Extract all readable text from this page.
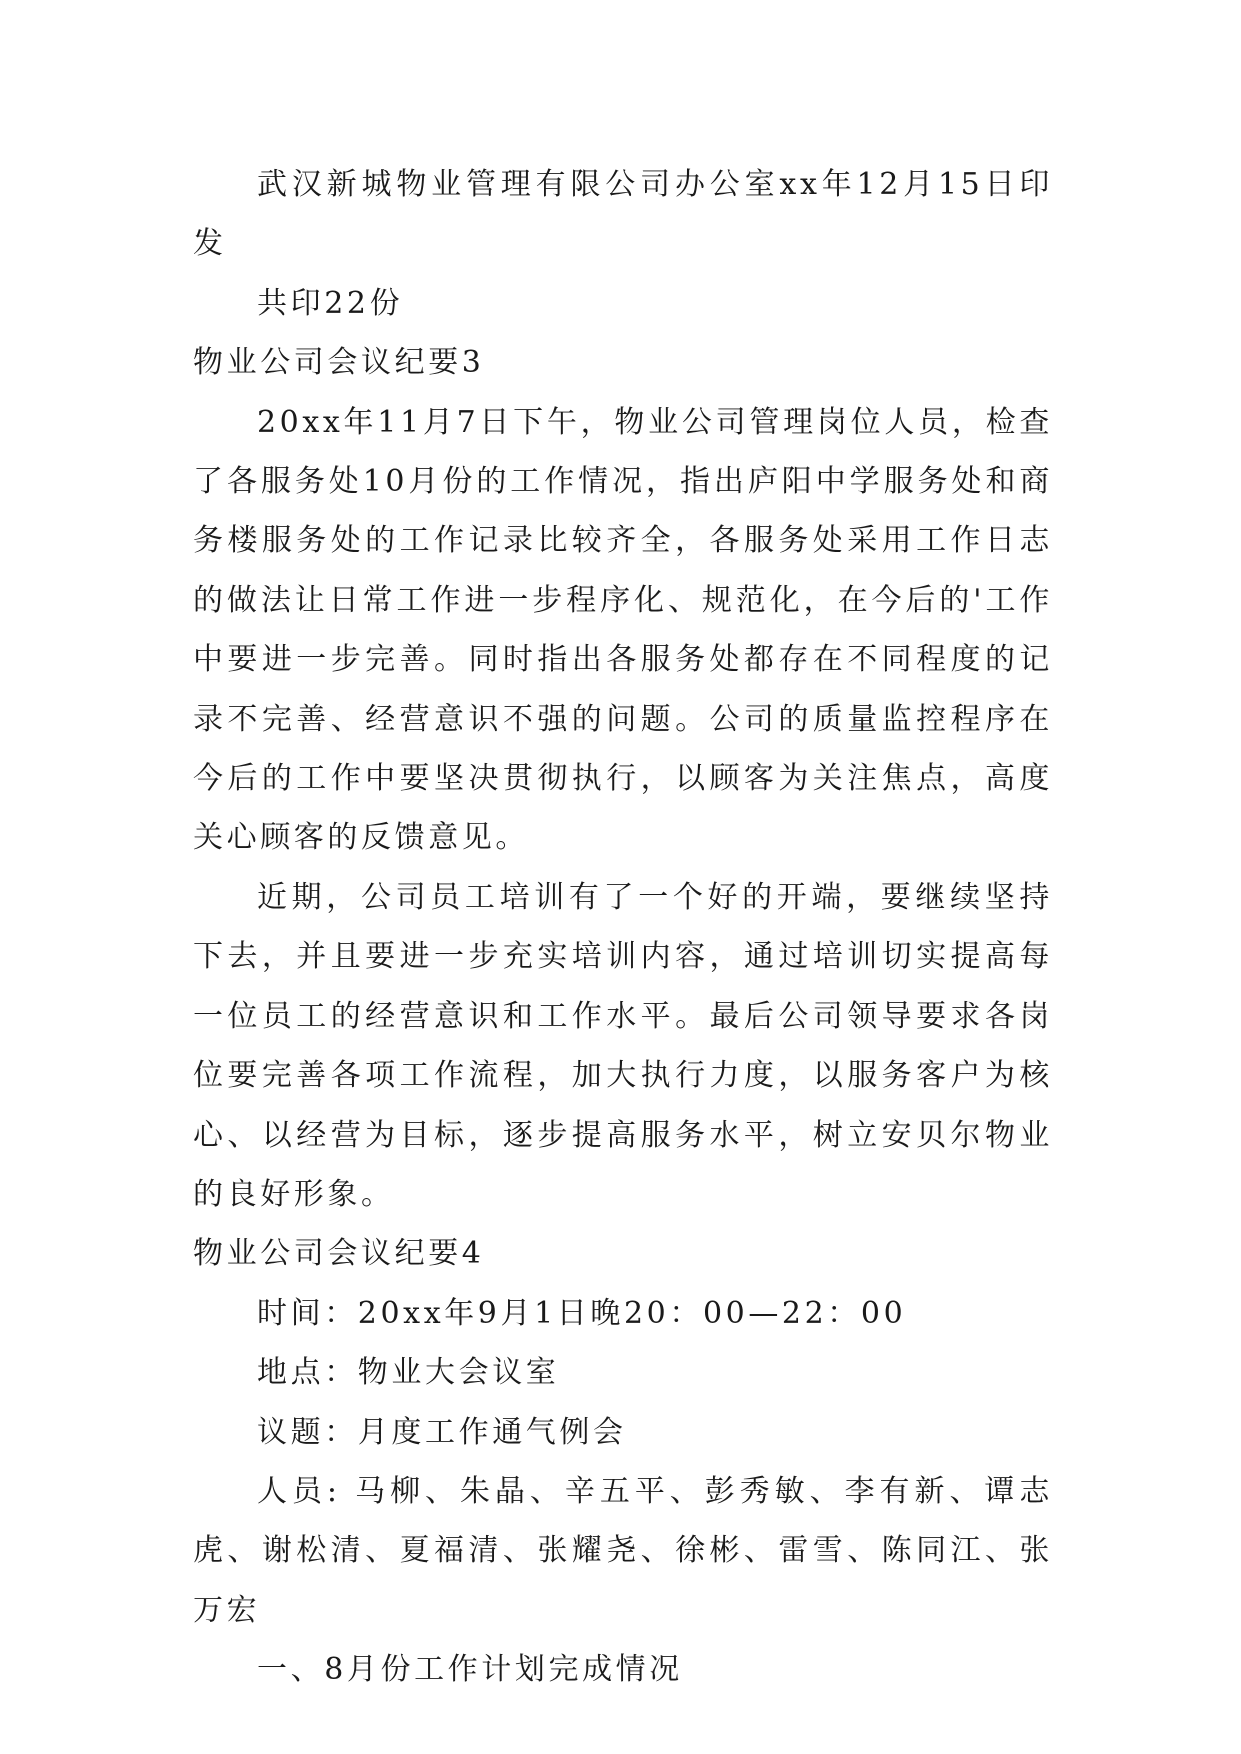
武汉新城物业管理有限公司办公室xx年12月15日印发

共印22份

物业公司会议纪要3

20xx年11月7日下午，物业公司管理岗位人员，检查了各服务处10月份的工作情况，指出庐阳中学服务处和商务楼服务处的工作记录比较齐全，各服务处采用工作日志的做法让日常工作进一步程序化、规范化，在今后的'工作中要进一步完善。同时指出各服务处都存在不同程度的记录不完善、经营意识不强的问题。公司的质量监控程序在今后的工作中要坚决贯彻执行，以顾客为关注焦点，高度关心顾客的反馈意见。

近期，公司员工培训有了一个好的开端，要继续坚持下去，并且要进一步充实培训内容，通过培训切实提高每一位员工的经营意识和工作水平。最后公司领导要求各岗位要完善各项工作流程，加大执行力度，以服务客户为核心、以经营为目标，逐步提高服务水平，树立安贝尔物业的良好形象。

物业公司会议纪要4

时间：20xx年9月1日晚20：00—22：00

地点：物业大会议室

议题：月度工作通气例会

人员: 马柳、朱晶、辛五平、彭秀敏、李有新、谭志虎、谢松清、夏福清、张耀尧、徐彬、雷雪、陈同江、张万宏

一、8月份工作计划完成情况
